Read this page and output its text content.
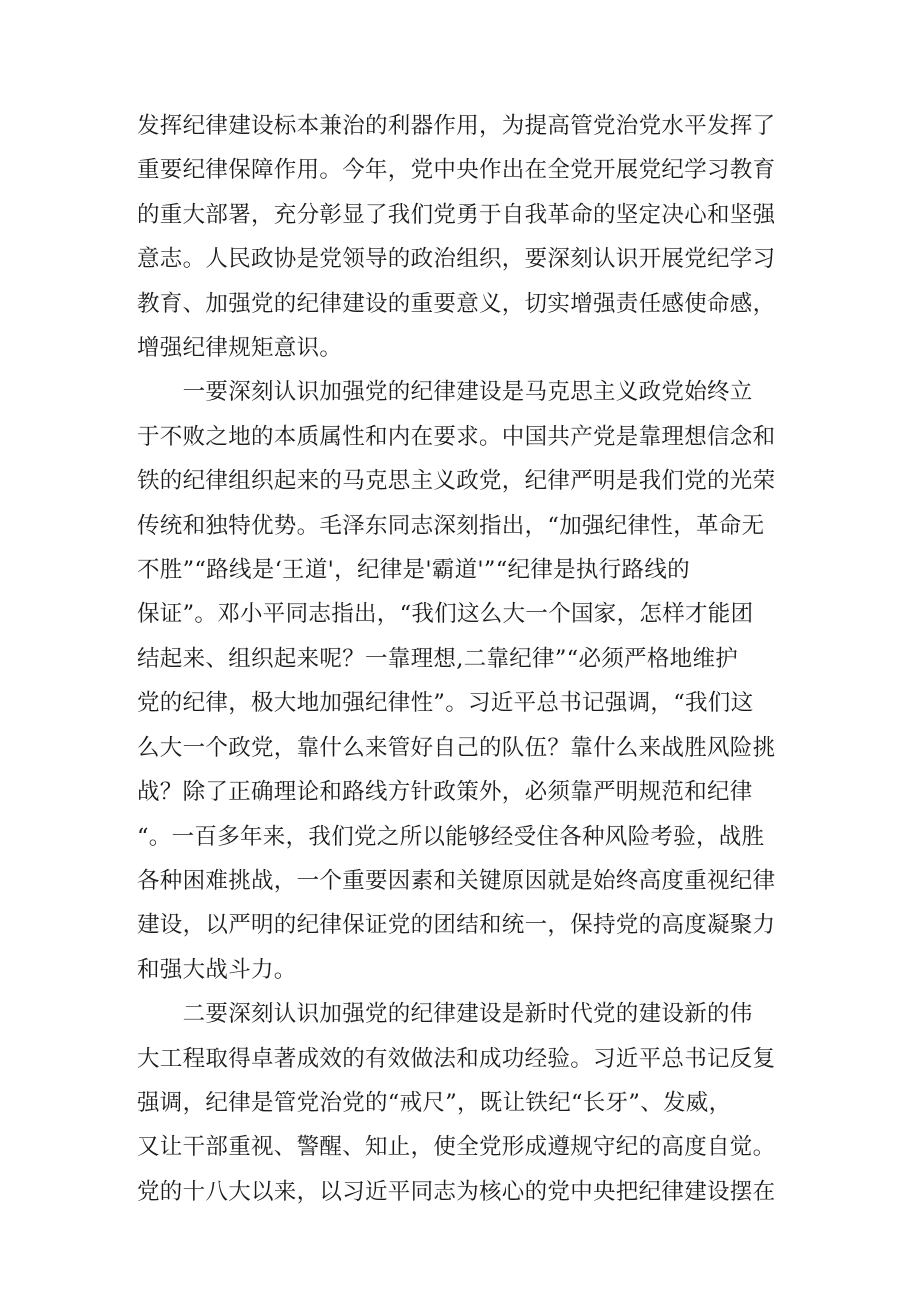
发挥纪律建设标本兼治的利器作用，为提高管党治党水平发挥了
重要纪律保障作用。今年，党中央作出在全党开展党纪学习教育
的重大部署，充分彰显了我们党勇于自我革命的坚定决心和坚强
意志。人民政协是党领导的政治组织，要深刻认识开展党纪学习
教育、加强党的纪律建设的重要意义，切实增强责任感使命感，
增强纪律规矩意识。

　　一要深刻认识加强党的纪律建设是马克思主义政党始终立
于不败之地的本质属性和内在要求。中国共产党是靠理想信念和
铁的纪律组织起来的马克思主义政党，纪律严明是我们党的光荣
传统和独特优势。毛泽东同志深刻指出，“加强纪律性，革命无
不胜”“路线是‘王道'，纪律是'霸道'”“纪律是执行路线的
保证”。邓小平同志指出，“我们这么大一个国家，怎样才能团
结起来、组织起来呢？一靠理想,二靠纪律”“必须严格地维护
党的纪律，极大地加强纪律性”。习近平总书记强调，“我们这
么大一个政党，靠什么来管好自己的队伍？靠什么来战胜风险挑
战？除了正确理论和路线方针政策外，必须靠严明规范和纪律
“。一百多年来，我们党之所以能够经受住各种风险考验，战胜
各种困难挑战，一个重要因素和关键原因就是始终高度重视纪律
建设，以严明的纪律保证党的团结和统一，保持党的高度凝聚力
和强大战斗力。

　　二要深刻认识加强党的纪律建设是新时代党的建设新的伟
大工程取得卓著成效的有效做法和成功经验。习近平总书记反复
强调，纪律是管党治党的“戒尺”，既让铁纪“长牙”、发威，
又让干部重视、警醒、知止，使全党形成遵规守纪的高度自觉。
党的十八大以来，以习近平同志为核心的党中央把纪律建设摆在
